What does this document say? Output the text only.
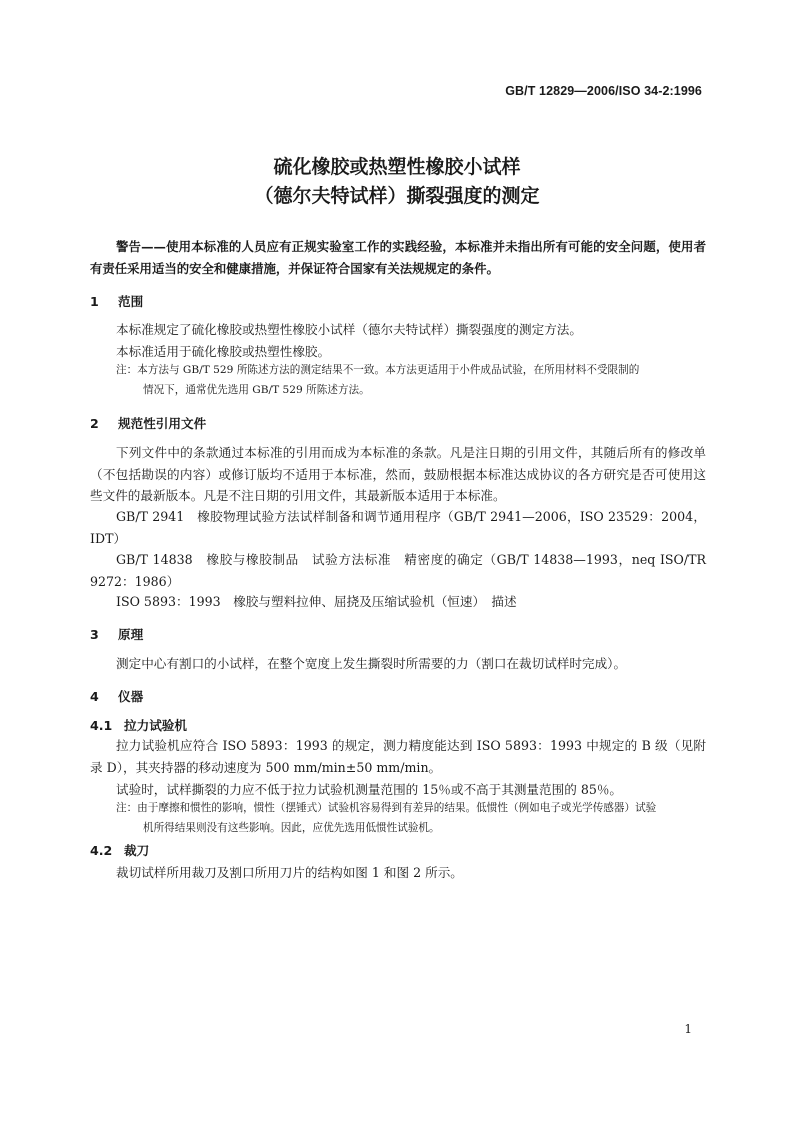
GB/T 12829—2006/ISO 34-2:1996
硫化橡胶或热塑性橡胶小试样
（德尔夫特试样）撕裂强度的测定
警告——使用本标准的人员应有正规实验室工作的实践经验，本标准并未指出所有可能的安全问题，使用者有责任采用适当的安全和健康措施，并保证符合国家有关法规规定的条件。
1 范围
本标准规定了硫化橡胶或热塑性橡胶小试样（德尔夫特试样）撕裂强度的测定方法。
本标准适用于硫化橡胶或热塑性橡胶。
注：本方法与 GB/T 529 所陈述方法的测定结果不一致。本方法更适用于小件成品试验，在所用材料不受限制的
情况下，通常优先选用 GB/T 529 所陈述方法。
2 规范性引用文件
下列文件中的条款通过本标准的引用而成为本标准的条款。凡是注日期的引用文件，其随后所有的修改单（不包括勘误的内容）或修订版均不适用于本标准，然而，鼓励根据本标准达成协议的各方研究是否可使用这些文件的最新版本。凡是不注日期的引用文件，其最新版本适用于本标准。
GB/T 2941　橡胶物理试验方法试样制备和调节通用程序（GB/T 2941—2006，ISO 23529：2004，IDT）
GB/T 14838　橡胶与橡胶制品　试验方法标准　精密度的确定（GB/T 14838—1993，neq ISO/TR 9272：1986）
ISO 5893：1993　橡胶与塑料拉伸、屈挠及压缩试验机（恒速）　描述
3 原理
测定中心有割口的小试样，在整个宽度上发生撕裂时所需要的力（割口在裁切试样时完成）。
4 仪器
4.1 拉力试验机
拉力试验机应符合 ISO 5893：1993 的规定，测力精度能达到 ISO 5893：1993 中规定的 B 级（见附录 D），其夹持器的移动速度为 500 mm/min±50 mm/min。
试验时，试样撕裂的力应不低于拉力试验机测量范围的 15％或不高于其测量范围的 85％。
注：由于摩擦和惯性的影响，惯性（摆锤式）试验机容易得到有差异的结果。低惯性（例如电子或光学传感器）试验
机所得结果则没有这些影响。因此，应优先选用低惯性试验机。
4.2 裁刀
裁切试样所用裁刀及割口所用刀片的结构如图 1 和图 2 所示。
1
